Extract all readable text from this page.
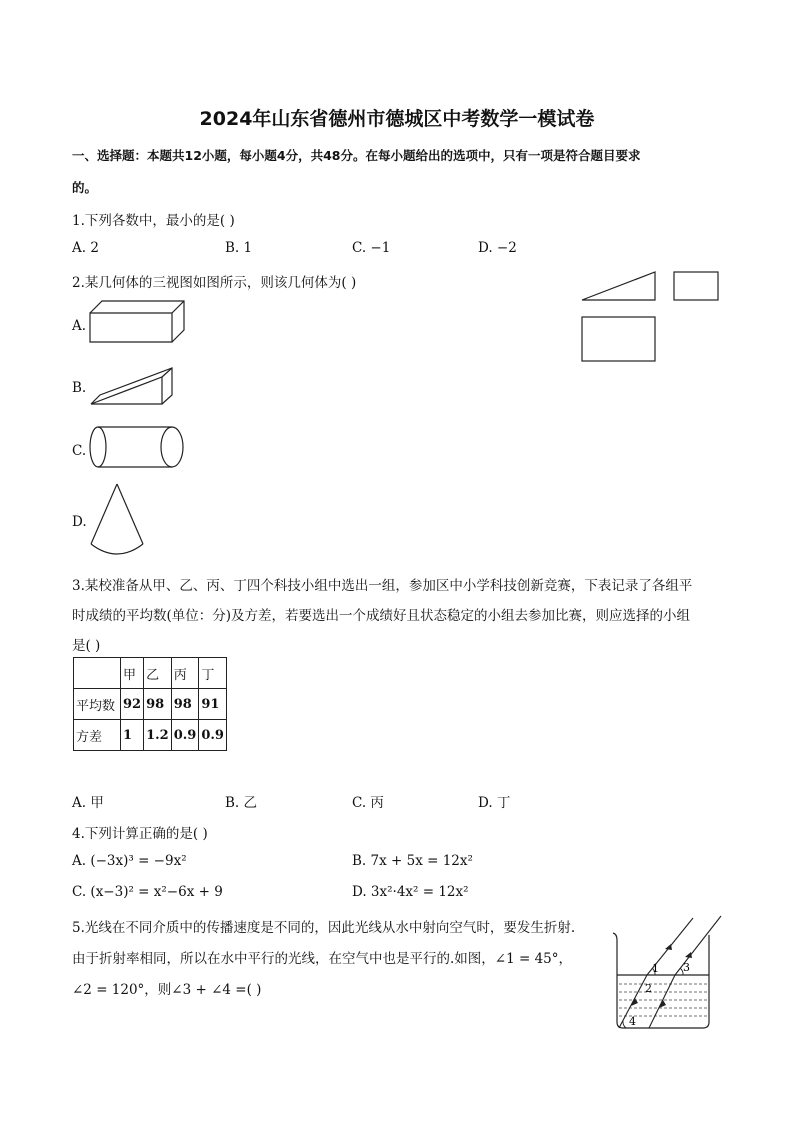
2024年山东省德州市德城区中考数学一模试卷
一、选择题：本题共12小题，每小题4分，共48分。在每小题给出的选项中，只有一项是符合题目要求
的。
1.下列各数中，最小的是( )
A. 2	B. 1	C. −1	D. −2
2.某几何体的三视图如图所示，则该几何体为( )
A.
B.
C.
D.
3.某校准备从甲、乙、丙、丁四个科技小组中选出一组，参加区中小学科技创新竞赛，下表记录了各组平
时成绩的平均数(单位：分)及方差，若要选出一个成绩好且状态稳定的小组去参加比赛，则应选择的小组
是( )
	甲	乙	丙	丁
平均数	92	98	98	91
方差	1	1.2	0.9	0.9
A. 甲	B. 乙	C. 丙	D. 丁
4.下列计算正确的是( )
A. (−3x)³ = −9x²	B. 7x + 5x = 12x²
C. (x−3)² = x²−6x + 9	D. 3x²·4x² = 12x²
5.光线在不同介质中的传播速度是不同的，因此光线从水中射向空气时，要发生折射.
由于折射率相同，所以在水中平行的光线，在空气中也是平行的.如图，∠1 = 45°，
∠2 = 120°，则∠3 + ∠4 =( )
1
2
3
4
